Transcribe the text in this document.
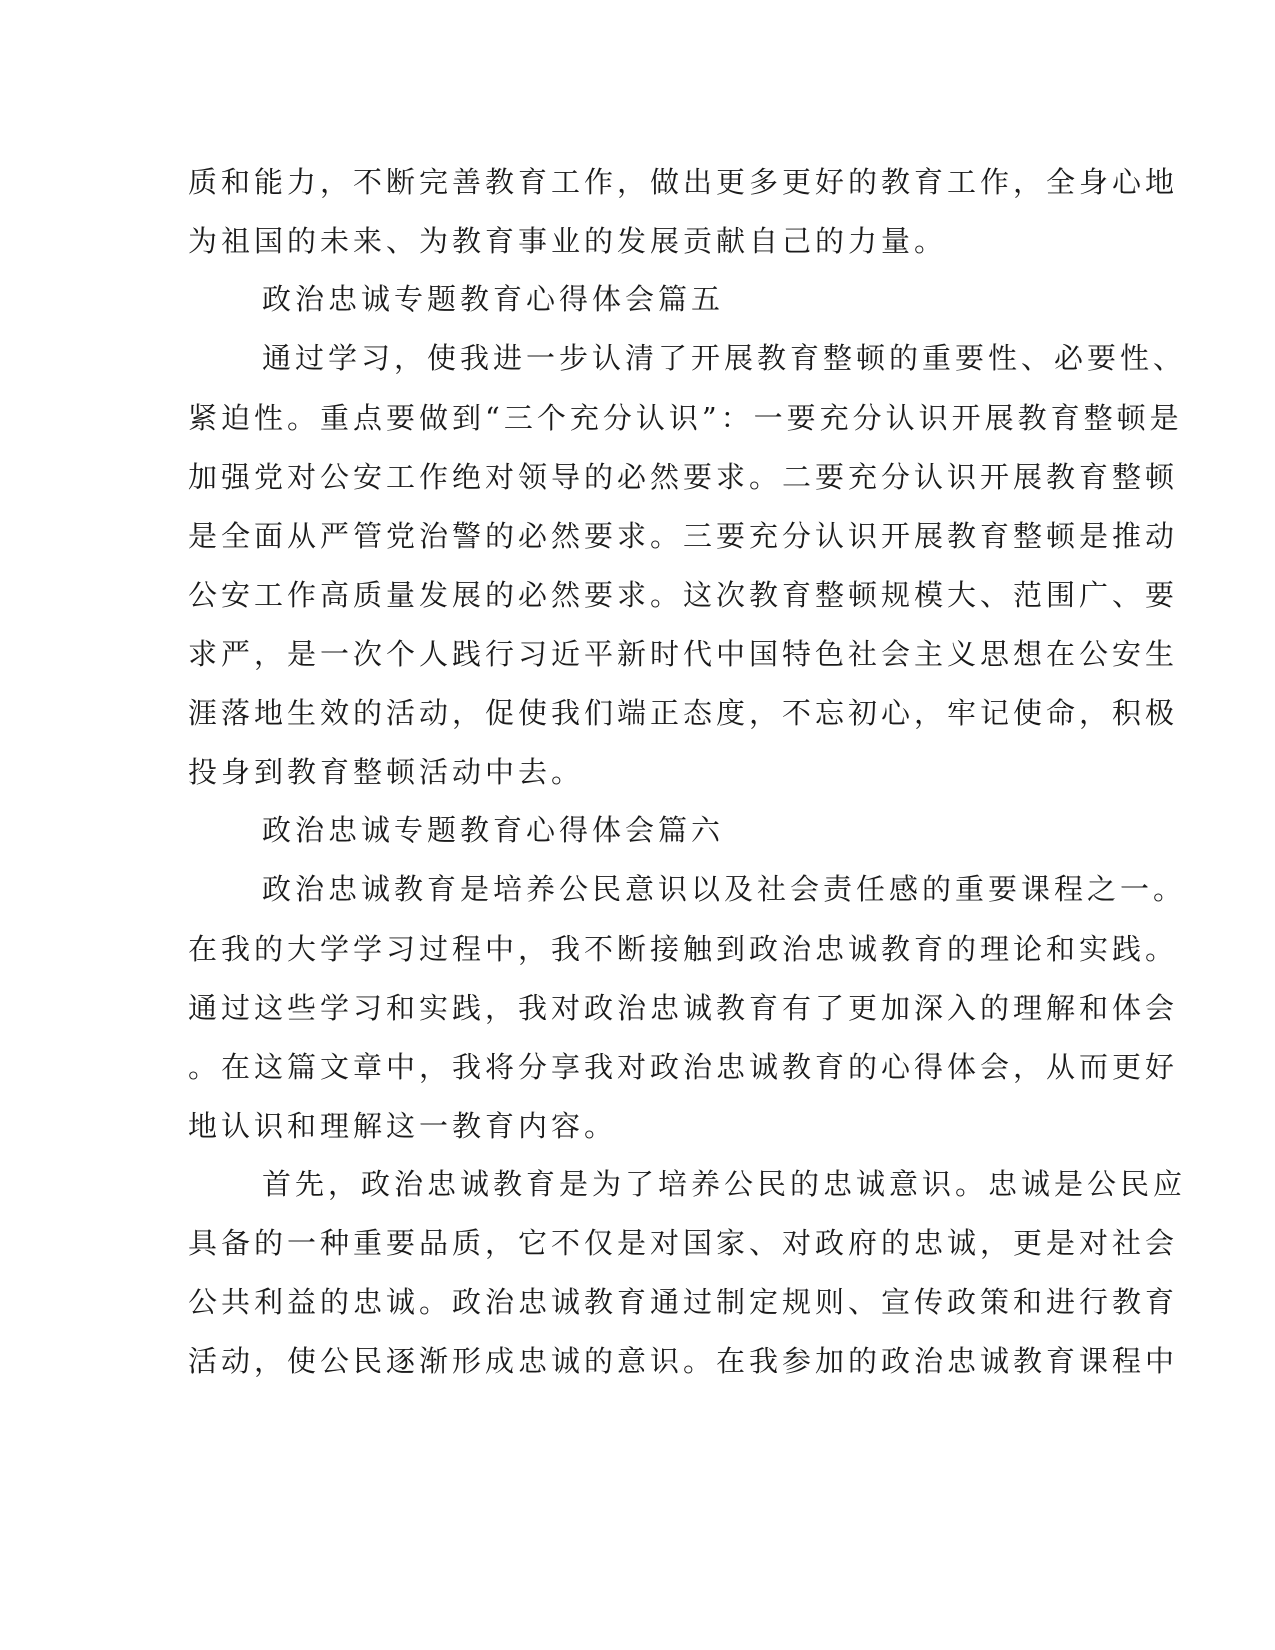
质和能力，不断完善教育工作，做出更多更好的教育工作，全身心地
为祖国的未来、为教育事业的发展贡献自己的力量。
政治忠诚专题教育心得体会篇五
通过学习，使我进一步认清了开展教育整顿的重要性、必要性、
紧迫性。重点要做到“三个充分认识”：一要充分认识开展教育整顿是
加强党对公安工作绝对领导的必然要求。二要充分认识开展教育整顿
是全面从严管党治警的必然要求。三要充分认识开展教育整顿是推动
公安工作高质量发展的必然要求。这次教育整顿规模大、范围广、要
求严，是一次个人践行习近平新时代中国特色社会主义思想在公安生
涯落地生效的活动，促使我们端正态度，不忘初心，牢记使命，积极
投身到教育整顿活动中去。
政治忠诚专题教育心得体会篇六
政治忠诚教育是培养公民意识以及社会责任感的重要课程之一。
在我的大学学习过程中，我不断接触到政治忠诚教育的理论和实践。
通过这些学习和实践，我对政治忠诚教育有了更加深入的理解和体会
。在这篇文章中，我将分享我对政治忠诚教育的心得体会，从而更好
地认识和理解这一教育内容。
首先，政治忠诚教育是为了培养公民的忠诚意识。忠诚是公民应
具备的一种重要品质，它不仅是对国家、对政府的忠诚，更是对社会
公共利益的忠诚。政治忠诚教育通过制定规则、宣传政策和进行教育
活动，使公民逐渐形成忠诚的意识。在我参加的政治忠诚教育课程中
